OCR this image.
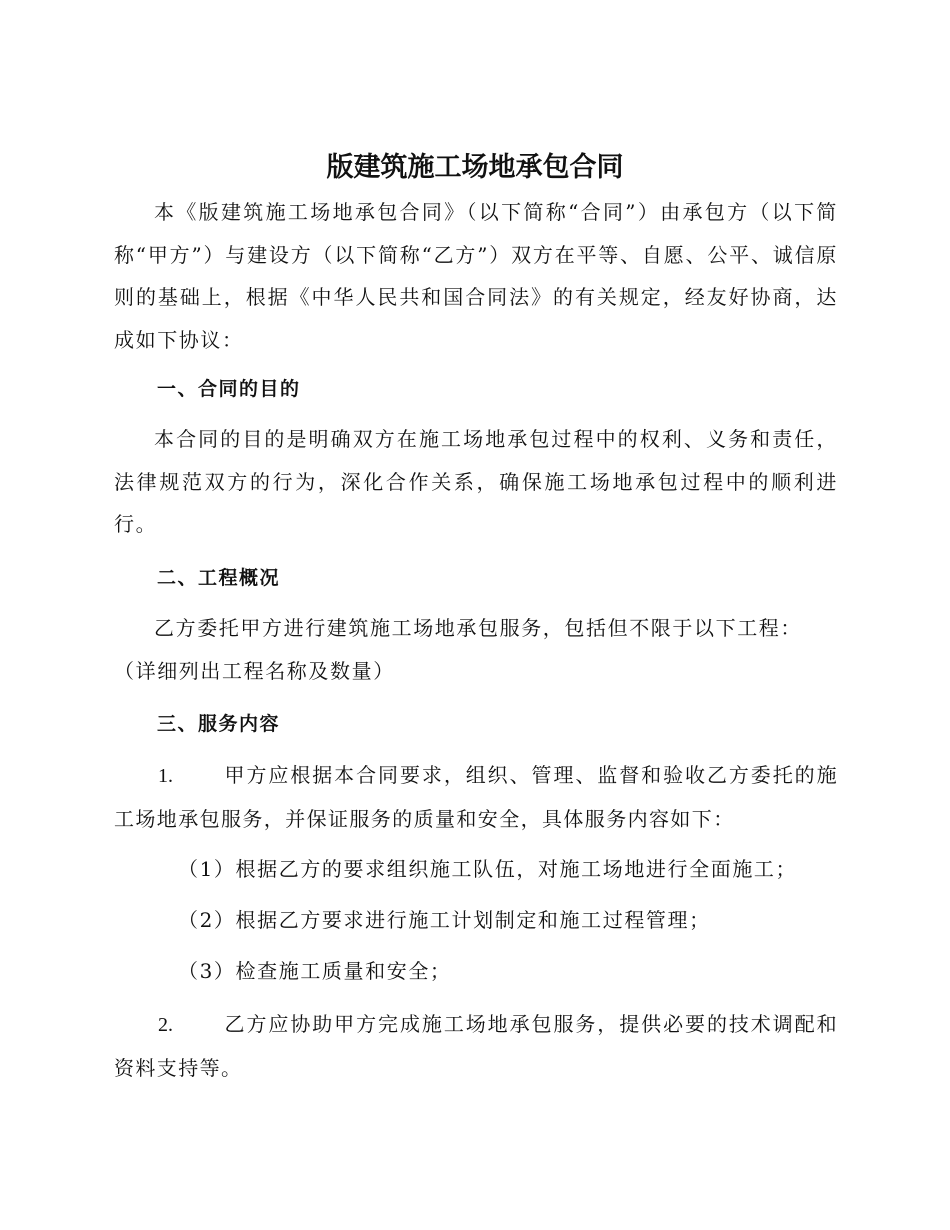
版建筑施工场地承包合同

本《版建筑施工场地承包合同》（以下简称“合同”）由承包方（以下简称“甲方”）与建设方（以下简称“乙方”）双方在平等、自愿、公平、诚信原则的基础上，根据《中华人民共和国合同法》的有关规定，经友好协商，达成如下协议：

一、合同的目的

本合同的目的是明确双方在施工场地承包过程中的权利、义务和责任，法律规范双方的行为，深化合作关系，确保施工场地承包过程中的顺利进行。

二、工程概况

乙方委托甲方进行建筑施工场地承包服务，包括但不限于以下工程：

（详细列出工程名称及数量）

三、服务内容

1.	甲方应根据本合同要求，组织、管理、监督和验收乙方委托的施工场地承包服务，并保证服务的质量和安全，具体服务内容如下：

（1）根据乙方的要求组织施工队伍，对施工场地进行全面施工；

（2）根据乙方要求进行施工计划制定和施工过程管理；

（3）检查施工质量和安全；

2.	乙方应协助甲方完成施工场地承包服务，提供必要的技术调配和资料支持等。
